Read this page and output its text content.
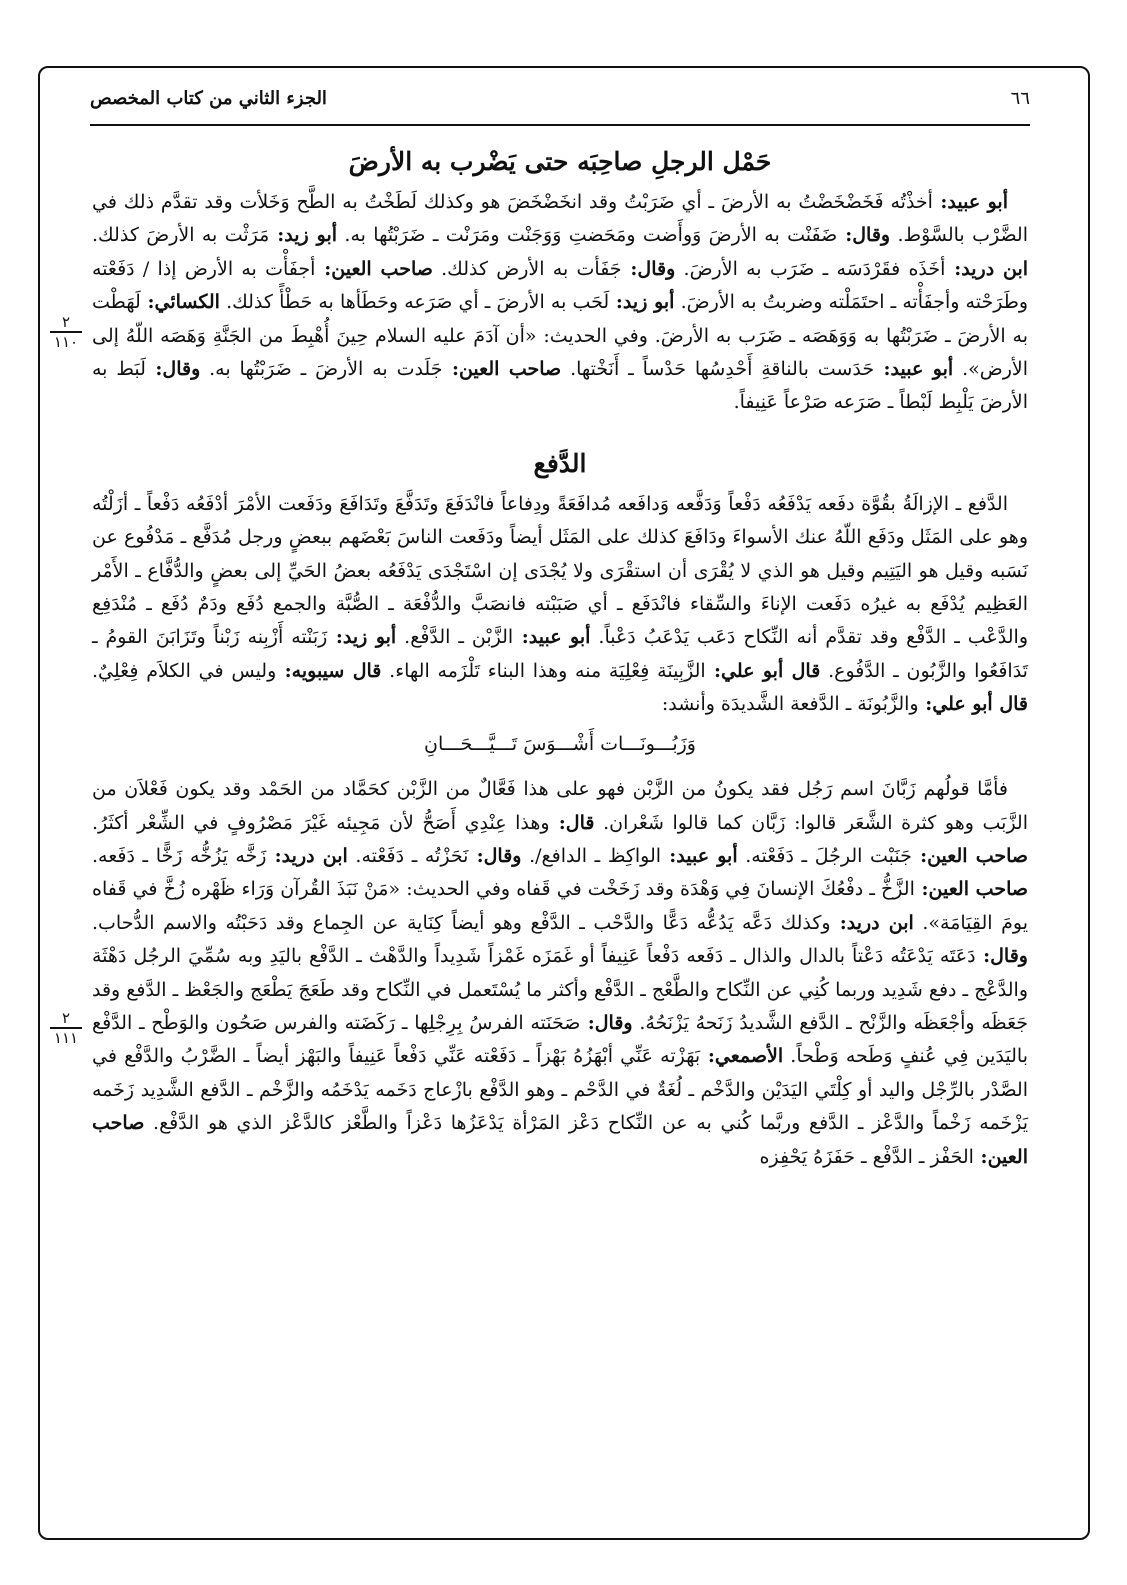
٦٦
الجزء الثاني من كتاب المخصص
٢
١١٠
٢
١١١
حَمْل الرجلِ صاحِبَه حتى يَضْرب به الأرضَ

أبو عبيد: أخذْتُه فَخَضْخَضْتُ به الأرضَ ـ أي ضَرَبْتُ وقد انخَضْخَضَ هو وكذلك لَطَخْتُ به الطَّح وَخَلأت وقد تقدَّم ذلك في الضَّرْب بالسَّوْط. وقال: ضَفَنْت به الأرضَ وَوأَضت ومَحَضتِ وَوَجَنْت ومَرَنْت ـ ضَرَبْتُها به. أبو زيد: مَرَثْت به الأرضَ كذلك. ابن دريد: أخَذَه فقَرْدَسَه ـ ضَرَب به الأرضَ. وقال: جَفَأت به الأرض كذلك. صاحب العين: أجفَأْت به الأرض إذا / دَفَعْته وطَرَحْته وأجفَأْته ـ احتَمَلْته وضربتُ به الأرضَ. أبو زيد: لَحَب به الأرضَ ـ أي صَرَعه وحَطَأها به حَطْأً كذلك. الكسائي: لَهَطْت به الأرضَ ـ ضَرَبْتُها به وَوَهَصَه ـ ضَرَب به الأرضَ. وفي الحديث: «أن آدَمَ عليه السلام حِينَ أُهْبِطَ من الجَنَّةِ وَهَصَه اللّهُ إلى الأرض». أبو عبيد: حَدَست بالناقةِ أَحْدِسُها حَدْساً ـ أَنَخْتها. صاحب العين: جَلَدت به الأرضَ ـ ضَرَبْتُها به. وقال: لَبَط به الأرضَ يَلْبِط لَبْطاً ـ صَرَعه صَرْعاً عَنِيفاً.

الدَّفع

الدَّفع ـ الإزالَةُ بقُوَّة دفَعه يَدْفَعُه دَفْعاً وَدَفَّعه وَدافَعه مُدافَعَةً ودِفاعاً فانْدَفَعَ وتَدَفَّعَ وتَدَافَعَ ودَفَعت الأمْرَ أدْفَعُه دَفْعاً ـ أزَلْتُه وهو على المَثَل ودَفَع اللّهُ عنك الأسواءَ ودَافَعَ كذلك على المَثَل أيضاً ودَفَعت الناسَ بَعْضَهم ببعضٍ ورجل مُدَفَّع ـ مَدْفُوع عن نَسَبه وقيل هو اليَتِيم وقيل هو الذي لا يُقْرَى أن استقْرَى ولا يُجْدَى إن اسْتَجْدَى يَدْفَعُه بعضُ الحَيِّ إلى بعضٍ والدُّفَّاع ـ الأَمْر العَظِيم يُدْفَع به غيرُه دَفَعت الإناءَ والسِّقاء فانْدَفَع ـ أي صَبَبْته فانصَبَّ والدُّفْعَة ـ الصُّبَّة والجمع دُفَع ودَمٌ دُفَع ـ مُنْدَفِع والدَّعْب ـ الدَّفْع وقد تقدَّم أنه النِّكاح دَعَب يَدْعَبُ دَعْباً. أبو عبيد: الزَّبْن ـ الدَّفْع. أبو زيد: زَبَنْته أَزْبِنه زَبْناً وتَزَابَنَ القومُ ـ تَدَافَعُوا والزَّبُون ـ الدَّفُوع. قال أبو علي: الزَّبِينَة فِعْلِيَة منه وهذا البناء تَلْزَمه الهاء. قال سيبويه: وليس في الكلاَم فِعْلِيٌ. قال أبو علي: والزَّبُونَة ـ الدَّفعة الشَّديدَة وأنشد:

وَزَبُـــونَـــات أَشْـــوَسَ تَـــيَّـــحَـــانِ

فأمَّا قولُهم زَبَّانَ اسم رَجُل فقد يكونُ من الزَّبْن فهو على هذا فَعَّالٌ من الزَّبْن كحَمَّاد من الحَمْد وقد يكون فَعْلاَن من الزَّبَب وهو كثرة الشَّعَر قالوا: زَبَّان كما قالوا شَعْران. قال: وهذا عِنْدِي أَصَحُّ لأن مَجِيئه غَيْرَ مَصْرُوفٍ في الشِّعْر أكثَرُ. صاحب العين: جَنَبْت الرجُلَ ـ دَفَعْته. أبو عبيد: الواكِظ ـ الدافع/. وقال: نَحَزْتُه ـ دَفَعْته. ابن دريد: زَخَّه يَزُخُّه زَخًّا ـ دَفَعه. صاحب العين: الزَّخُّ ـ دفْعُكَ الإنسانَ فِي وَهْدَة وقد زَخَخْت في قَفاه وفي الحديث: «مَنْ نَبَذَ القُرآن وَرَاء ظَهْره زُخَّ في قَفاه يومَ القِيَامَة». ابن دريد: وكذلك دَعَّه يَدُعُّه دَعًّا والدَّحْب ـ الدَّفْع وهو أيضاً كِنَاية عن الجِماع وقد دَحَبْتُه والاسم الدُّحاب. وقال: دَعَتَه يَدْعَتُه دَعْتاً بالدال والذال ـ دَفَعه دَفْعاً عَنِيفاً أو غَمَزَه غَمْزاً شَدِيداً والدَّهْث ـ الدَّفْع باليَدِ وبه سُمِّيَ الرجُل دَهْثَة والدَّعْج ـ دفع شَدِيد وربما كُنِي عن النِّكاح والطَّعْج ـ الدَّفْع وأكثر ما يُسْتَعمل في النِّكاح وقد طَعَجَ يَطْعَج والجَعْظ ـ الدَّفع وقد جَعَظَه وأجْعَظَه والزَّنْح ـ الدَّفع الشَّديدُ زَنَحهُ يَزْنَحُهُ. وقال: صَحَنَته الفرسُ بِرِجْلِها ـ رَكَضَته والفرس صَحُون والوَطْح ـ الدَّفْع باليَدَين فِي عُنفٍ وَطَحه وَطْحاً. الأصمعي: بَهَزْته عَنِّي أبْهَزُهُ بَهْزاً ـ دَفَعْته عَنِّي دَفْعاً عَنِيفاً والبَهْز أيضاً ـ الضَّرْبُ والدَّفْع في الصَّدْر بالرِّجْل واليد أو كِلْتَي اليَدَيْن والدَّخْم ـ لُغَةٌ في الدَّحْم ـ وهو الدَّفْع بازْعاج دَخَمه يَدْخَمُه والزَّخْم ـ الدَّفع الشَّدِيد زَخَمه يَزْخَمه زَخْماً والدَّعْز ـ الدَّفع وربَّما كُني به عن النِّكاح دَعْز المَرْأة يَدْعَزُها دَعْزاً والطَّعْز كالدَّعْز الذي هو الدَّفْع. صاحب العين: الحَفْز ـ الدَّفْع ـ حَفَزَهُ يَحْفِزه
